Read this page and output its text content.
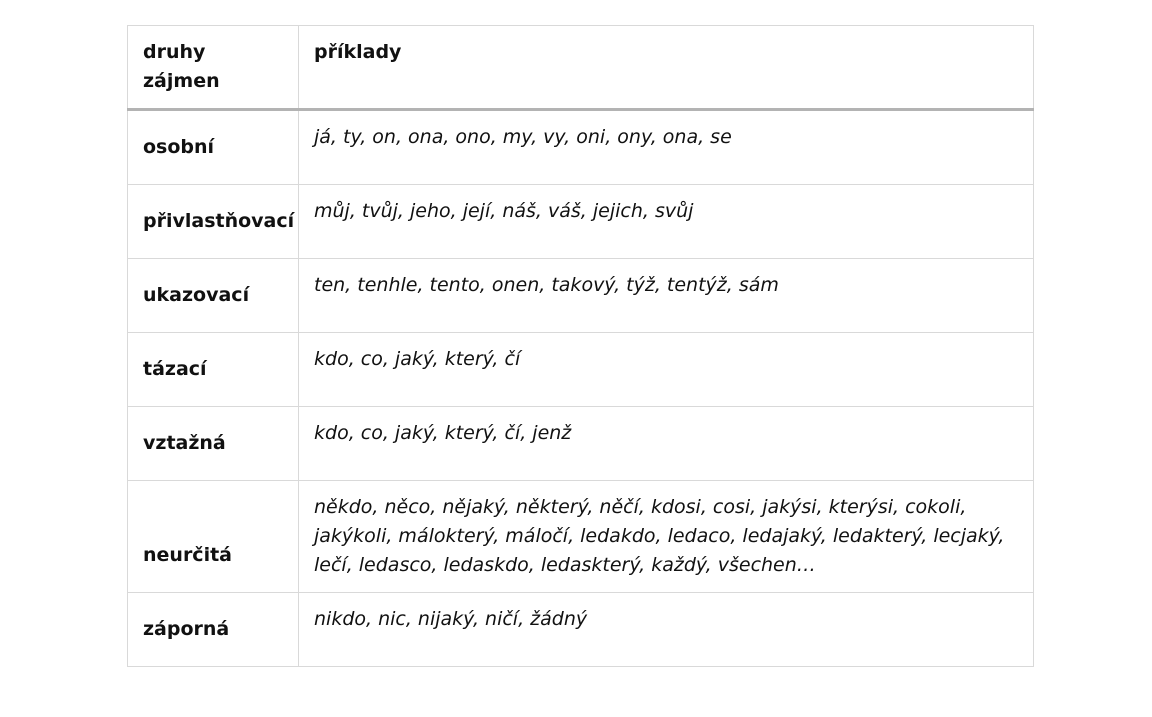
druhy zájmen	příklady
osobní	já, ty, on, ona, ono, my, vy, oni, ony, ona, se
přivlastňovací	můj, tvůj, jeho, její, náš, váš, jejich, svůj
ukazovací	ten, tenhle, tento, onen, takový, týž, tentýž, sám
tázací	kdo, co, jaký, který, čí
vztažná	kdo, co, jaký, který, čí, jenž
neurčitá	někdo, něco, nějaký, některý, něčí, kdosi, cosi, jakýsi, kterýsi, cokoli, jakýkoli, málokterý, máločí, ledakdo, ledaco, ledajaký, ledakterý, lecjaký, lečí, ledasco, ledaskdo, ledaskterý, každý, všechen…
záporná	nikdo, nic, nijaký, ničí, žádný
